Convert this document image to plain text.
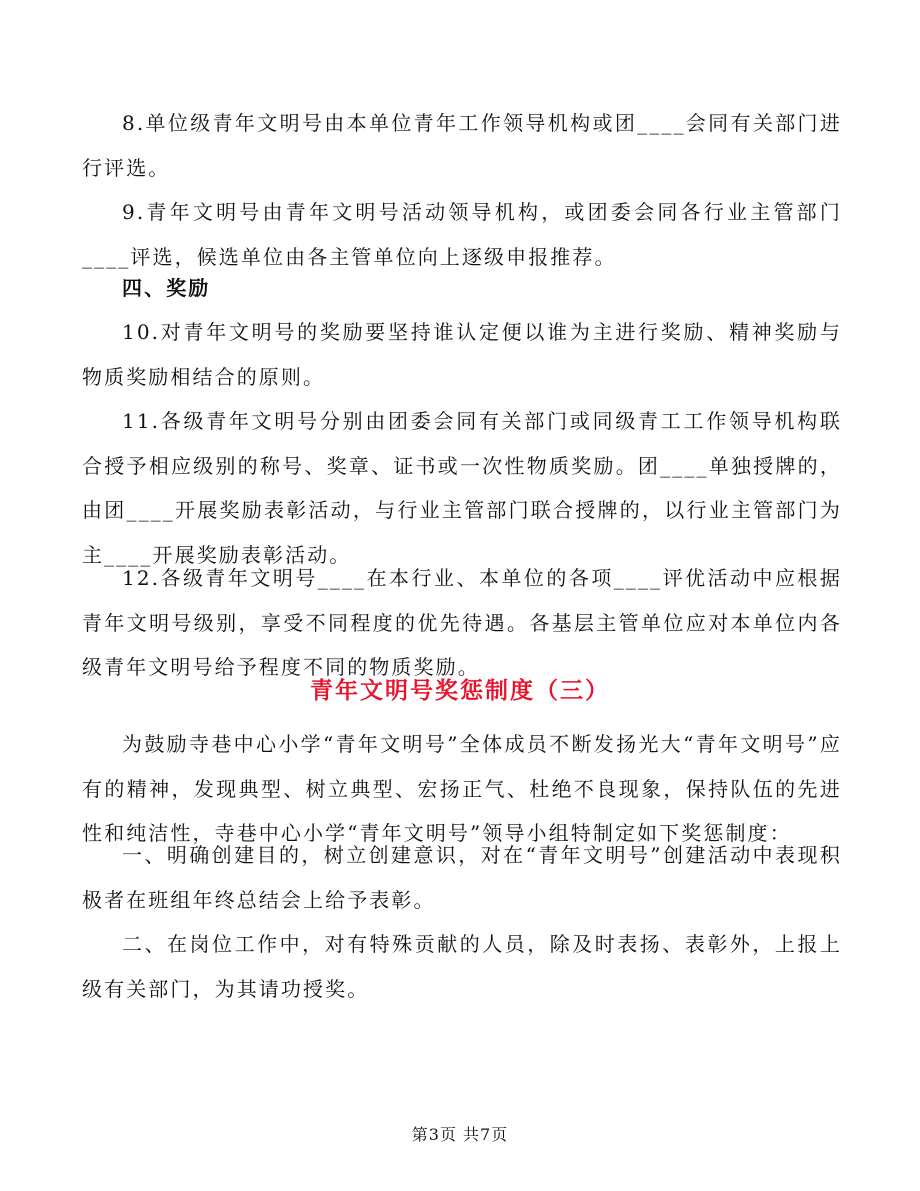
8.单位级青年文明号由本单位青年工作领导机构或团____会同有关部门进行评选。

9.青年文明号由青年文明号活动领导机构，或团委会同各行业主管部门____评选，候选单位由各主管单位向上逐级申报推荐。

四、奖励

10.对青年文明号的奖励要坚持谁认定便以谁为主进行奖励、精神奖励与物质奖励相结合的原则。

11.各级青年文明号分别由团委会同有关部门或同级青工工作领导机构联合授予相应级别的称号、奖章、证书或一次性物质奖励。团____单独授牌的，由团____开展奖励表彰活动，与行业主管部门联合授牌的，以行业主管部门为主____开展奖励表彰活动。

12.各级青年文明号____在本行业、本单位的各项____评优活动中应根据青年文明号级别，享受不同程度的优先待遇。各基层主管单位应对本单位内各级青年文明号给予程度不同的物质奖励。

青年文明号奖惩制度（三）

为鼓励寺巷中心小学“青年文明号”全体成员不断发扬光大“青年文明号”应有的精神，发现典型、树立典型、宏扬正气、杜绝不良现象，保持队伍的先进性和纯洁性，寺巷中心小学“青年文明号”领导小组特制定如下奖惩制度：

一、明确创建目的，树立创建意识，对在“青年文明号”创建活动中表现积极者在班组年终总结会上给予表彰。

二、在岗位工作中，对有特殊贡献的人员，除及时表扬、表彰外，上报上级有关部门，为其请功授奖。

第3页 共7页
